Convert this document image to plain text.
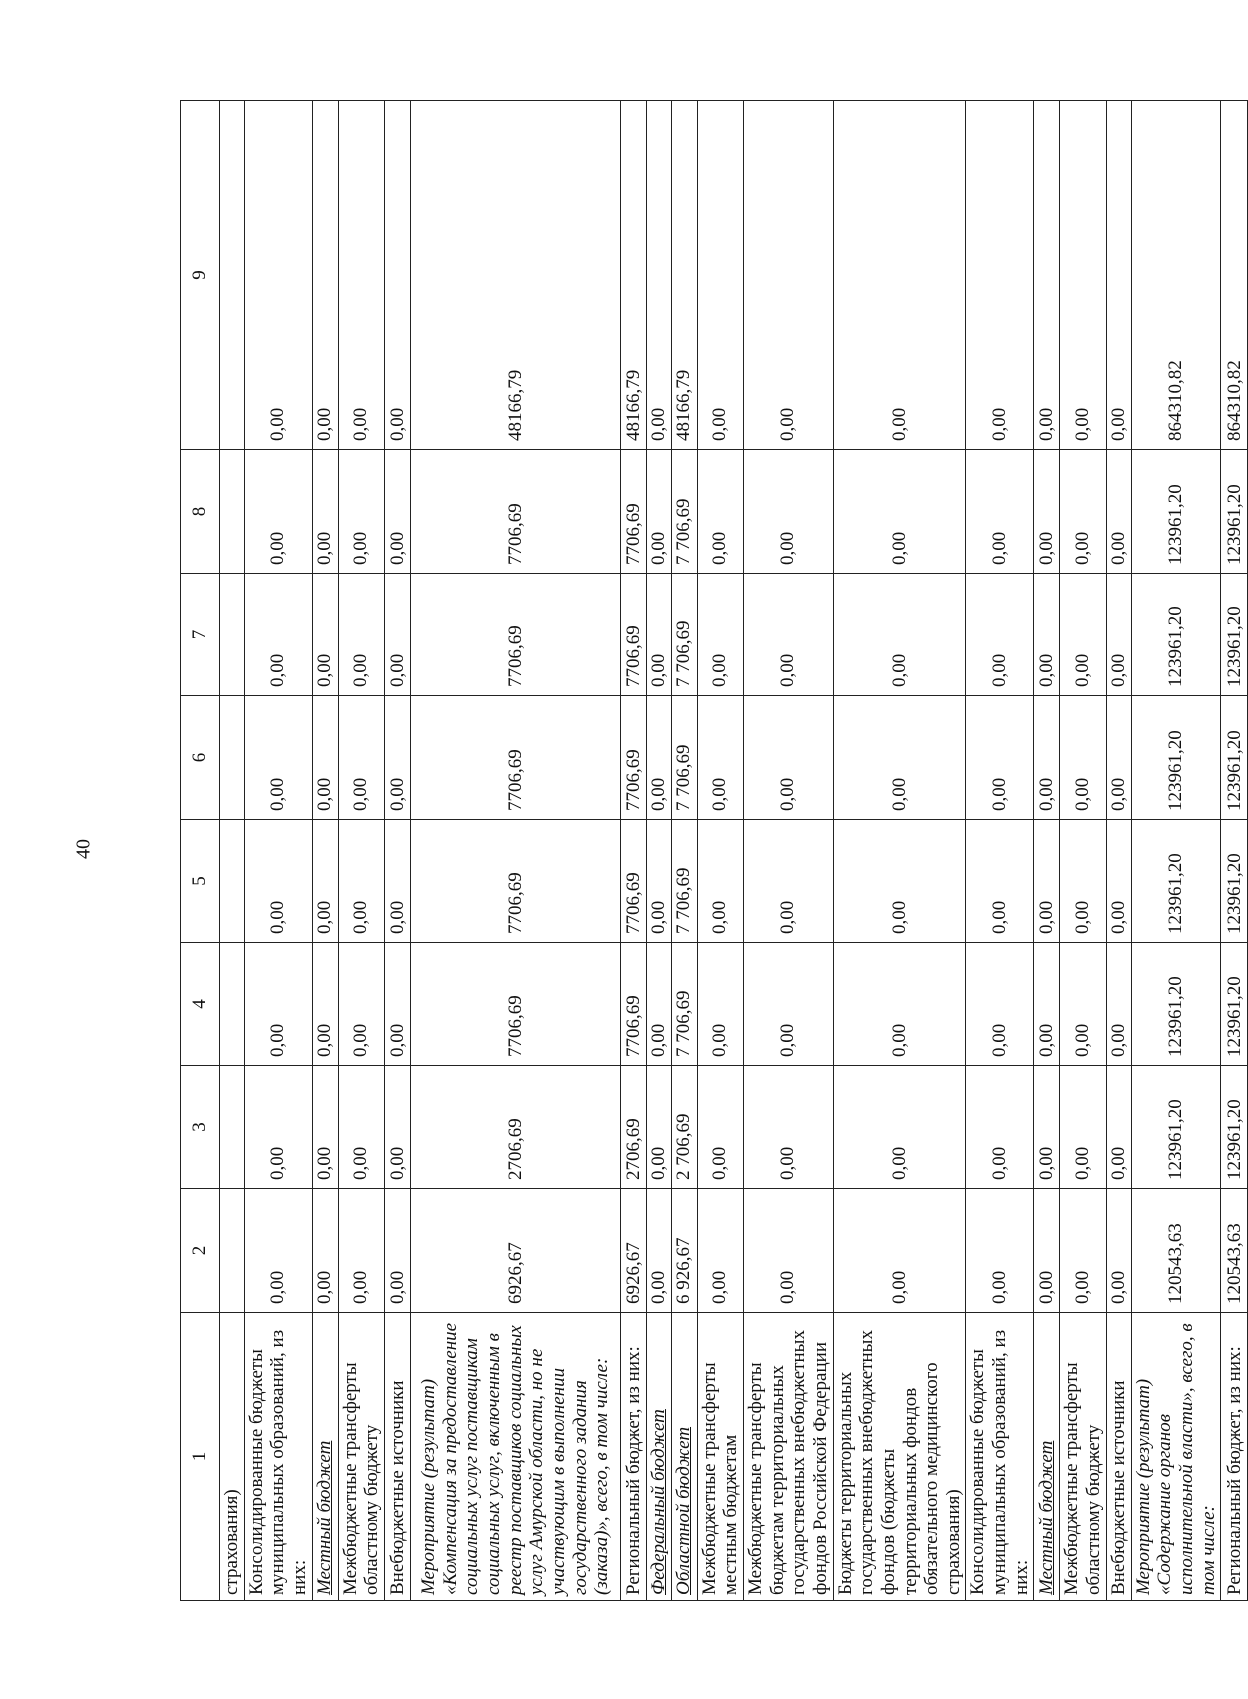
40
1	2	3	4	5	6	7	8	9
страхования)								
Консолидированные бюджеты муниципальных образований, из них:	0,00	0,00	0,00	0,00	0,00	0,00	0,00	0,00
Местный бюджет	0,00	0,00	0,00	0,00	0,00	0,00	0,00	0,00
Межбюджетные трансферты областному бюджету	0,00	0,00	0,00	0,00	0,00	0,00	0,00	0,00
Внебюджетные источники	0,00	0,00	0,00	0,00	0,00	0,00	0,00	0,00
Мероприятие (результат) «Компенсация за предоставление социальных услуг поставщикам социальных услуг, включенным в реестр поставщиков социальных услуг Амурской области, но не участвующим в выполнении государственного задания (заказа)», всего, в том числе:	6926,67	2706,69	7706,69	7706,69	7706,69	7706,69	7706,69	48166,79
Региональный бюджет, из них:	6926,67	2706,69	7706,69	7706,69	7706,69	7706,69	7706,69	48166,79
Федеральный бюджет	0,00	0,00	0,00	0,00	0,00	0,00	0,00	0,00
Областной бюджет	6 926,67	2 706,69	7 706,69	7 706,69	7 706,69	7 706,69	7 706,69	48166,79
Межбюджетные трансферты местным бюджетам	0,00	0,00	0,00	0,00	0,00	0,00	0,00	0,00
Межбюджетные трансферты бюджетам территориальных государственных внебюджетных фондов Российской Федерации	0,00	0,00	0,00	0,00	0,00	0,00	0,00	0,00
Бюджеты территориальных государственных внебюджетных фондов (бюджеты территориальных фондов обязательного медицинского страхования)	0,00	0,00	0,00	0,00	0,00	0,00	0,00	0,00
Консолидированные бюджеты муниципальных образований, из них:	0,00	0,00	0,00	0,00	0,00	0,00	0,00	0,00
Местный бюджет	0,00	0,00	0,00	0,00	0,00	0,00	0,00	0,00
Межбюджетные трансферты областному бюджету	0,00	0,00	0,00	0,00	0,00	0,00	0,00	0,00
Внебюджетные источники	0,00	0,00	0,00	0,00	0,00	0,00	0,00	0,00
Мероприятие (результат) «Содержание органов исполнительной власти», всего, в том числе:	120543,63	123961,20	123961,20	123961,20	123961,20	123961,20	123961,20	864310,82
Региональный бюджет, из них:	120543,63	123961,20	123961,20	123961,20	123961,20	123961,20	123961,20	864310,82
